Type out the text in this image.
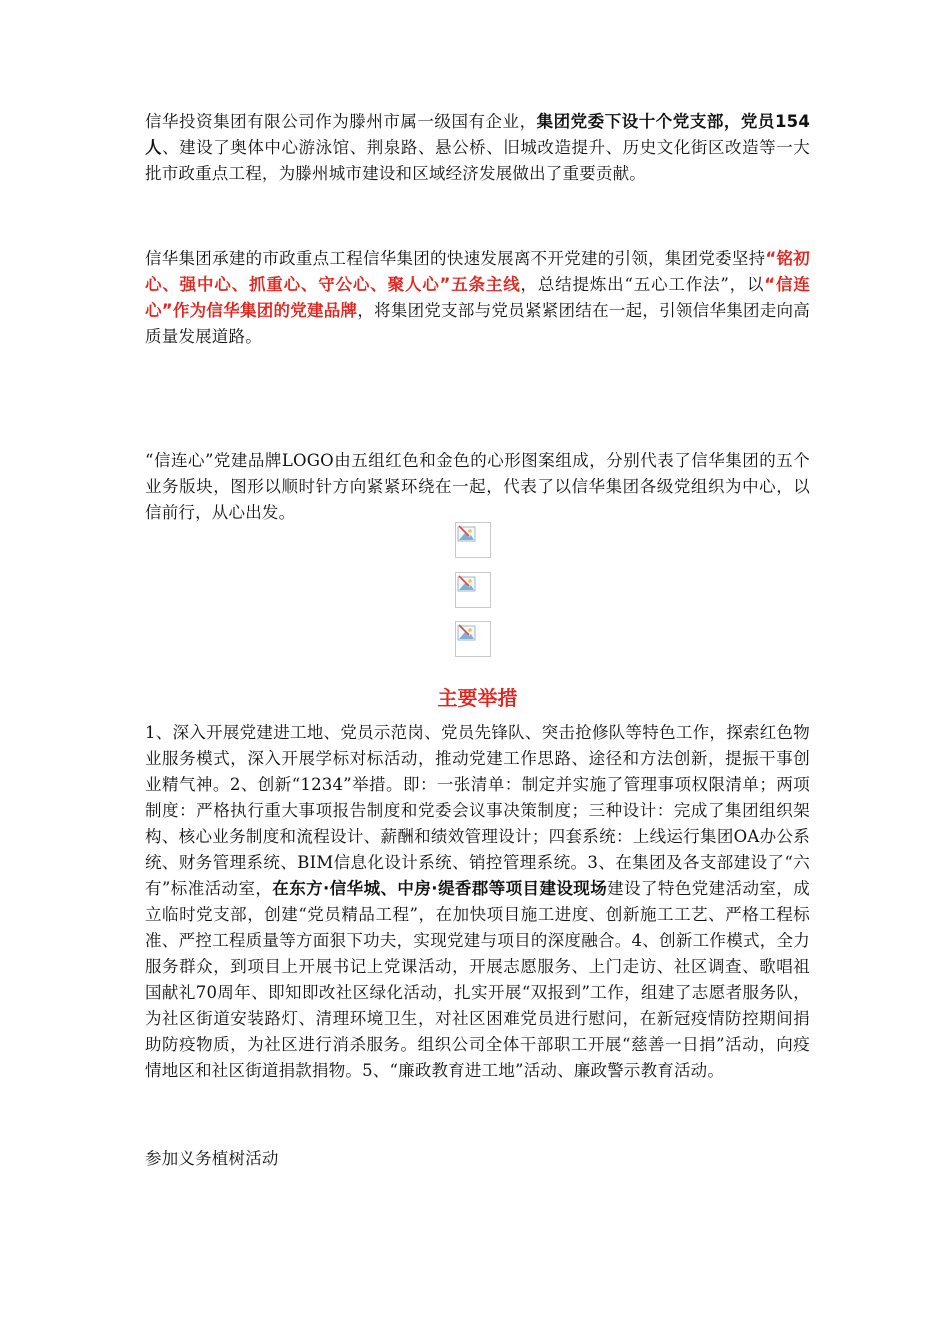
信华投资集团有限公司作为滕州市属一级国有企业，集团党委下设十个党支部，党员154人、建设了奥体中心游泳馆、荆泉路、悬公桥、旧城改造提升、历史文化街区改造等一大批市政重点工程，为滕州城市建设和区域经济发展做出了重要贡献。

信华集团承建的市政重点工程信华集团的快速发展离不开党建的引领，集团党委坚持“铭初心、强中心、抓重心、守公心、聚人心”五条主线，总结提炼出“五心工作法”，以“信连心”作为信华集团的党建品牌，将集团党支部与党员紧紧团结在一起，引领信华集团走向高质量发展道路。

“信连心”党建品牌LOGO由五组红色和金色的心形图案组成，分别代表了信华集团的五个业务版块，图形以顺时针方向紧紧环绕在一起，代表了以信华集团各级党组织为中心，以信前行，从心出发。

主要举措

1、深入开展党建进工地、党员示范岗、党员先锋队、突击抢修队等特色工作，探索红色物业服务模式，深入开展学标对标活动，推动党建工作思路、途径和方法创新，提振干事创业精气神。2、创新“1234”举措。即：一张清单：制定并实施了管理事项权限清单；两项制度：严格执行重大事项报告制度和党委会议事决策制度；三种设计：完成了集团组织架构、核心业务制度和流程设计、薪酬和绩效管理设计；四套系统：上线运行集团OA办公系统、财务管理系统、BIM信息化设计系统、销控管理系统。3、在集团及各支部建设了“六有”标准活动室，在东方·信华城、中房·缇香郡等项目建设现场建设了特色党建活动室，成立临时党支部，创建“党员精品工程”，在加快项目施工进度、创新施工工艺、严格工程标准、严控工程质量等方面狠下功夫，实现党建与项目的深度融合。4、创新工作模式，全力服务群众，到项目上开展书记上党课活动，开展志愿服务、上门走访、社区调查、歌唱祖国献礼70周年、即知即改社区绿化活动，扎实开展“双报到”工作，组建了志愿者服务队，为社区街道安装路灯、清理环境卫生，对社区困难党员进行慰问，在新冠疫情防控期间捐助防疫物质，为社区进行消杀服务。组织公司全体干部职工开展“慈善一日捐”活动，向疫情地区和社区街道捐款捐物。5、“廉政教育进工地”活动、廉政警示教育活动。

参加义务植树活动
